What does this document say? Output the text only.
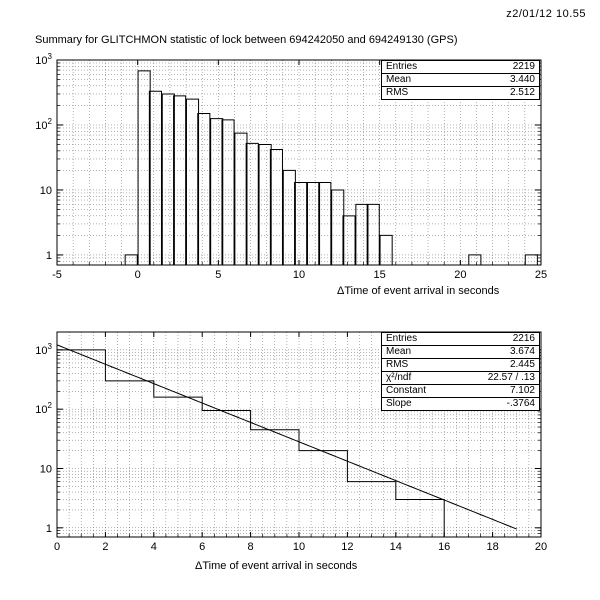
z2/01/12 10.55
Summary for GLITCHMON statistic of lock between 694242050 and 694249130 (GPS)
-5	0	5	10	15	20	25
1
10
$10^2$
$10^3$
ΔTime of event arrival in seconds
Entries	2219
Mean	3.440
RMS	2.512
0	2	4	6	8	10	12	14	16	18	20
1
10
$10^2$
$10^3$
ΔTime of event arrival in seconds
Entries	2216
Mean	3.674
RMS	2.445
χ²/ndf	22.57 / .13
Constant	7.102
Slope	-.3764
